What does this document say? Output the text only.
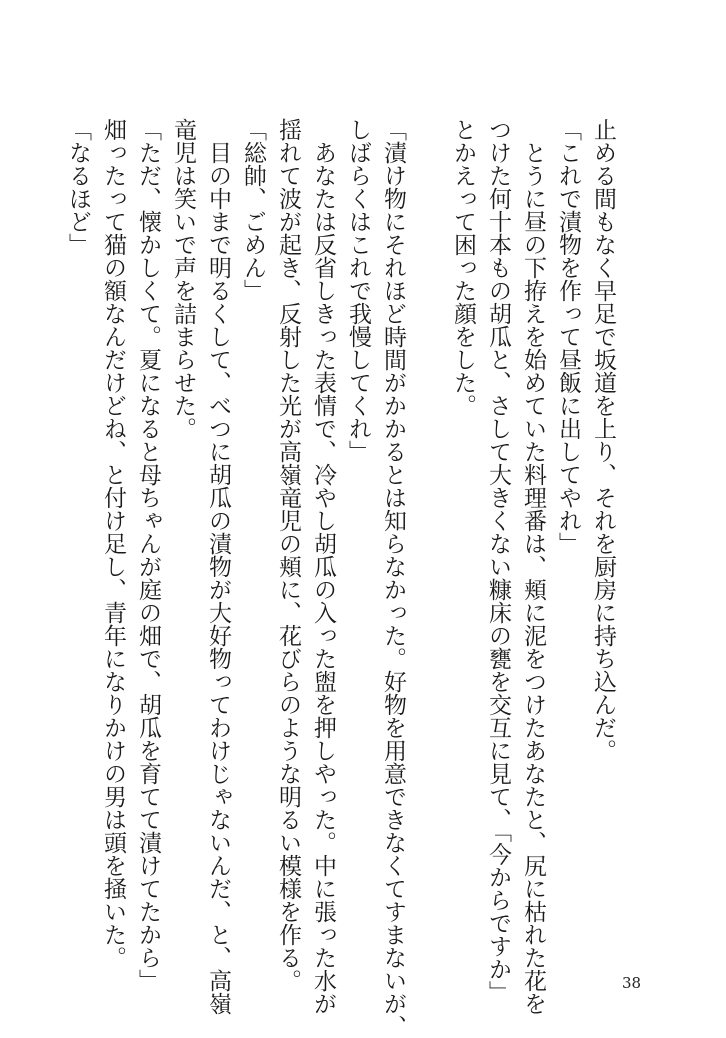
止める間もなく早足で坂道を上り、それを厨房に持ち込んだ。
「これで漬物を作って昼飯に出してやれ」
　とうに昼の下拵えを始めていた料理番は、頬に泥をつけたあなたと、尻に枯れた花を
つけた何十本もの胡瓜と、さして大きくない糠床の甕を交互に見て、「今からですか」
とかえって困った顔をした。

「漬け物にそれほど時間がかかるとは知らなかった。好物を用意できなくてすまないが、
しばらくはこれで我慢してくれ」
　あなたは反省しきった表情で、冷やし胡瓜の入った盥を押しやった。中に張った水が
揺れて波が起き、反射した光が高嶺竜児の頬に、花びらのような明るい模様を作る。
「総帥、ごめん」
　目の中まで明るくして、べつに胡瓜の漬物が大好物ってわけじゃないんだ、と、高嶺
竜児は笑いで声を詰まらせた。
「ただ、懐かしくて。夏になると母ちゃんが庭の畑で、胡瓜を育てて漬けてたから」
畑ったって猫の額なんだけどね、と付け足し、青年になりかけの男は頭を掻いた。
「なるほど」
38
